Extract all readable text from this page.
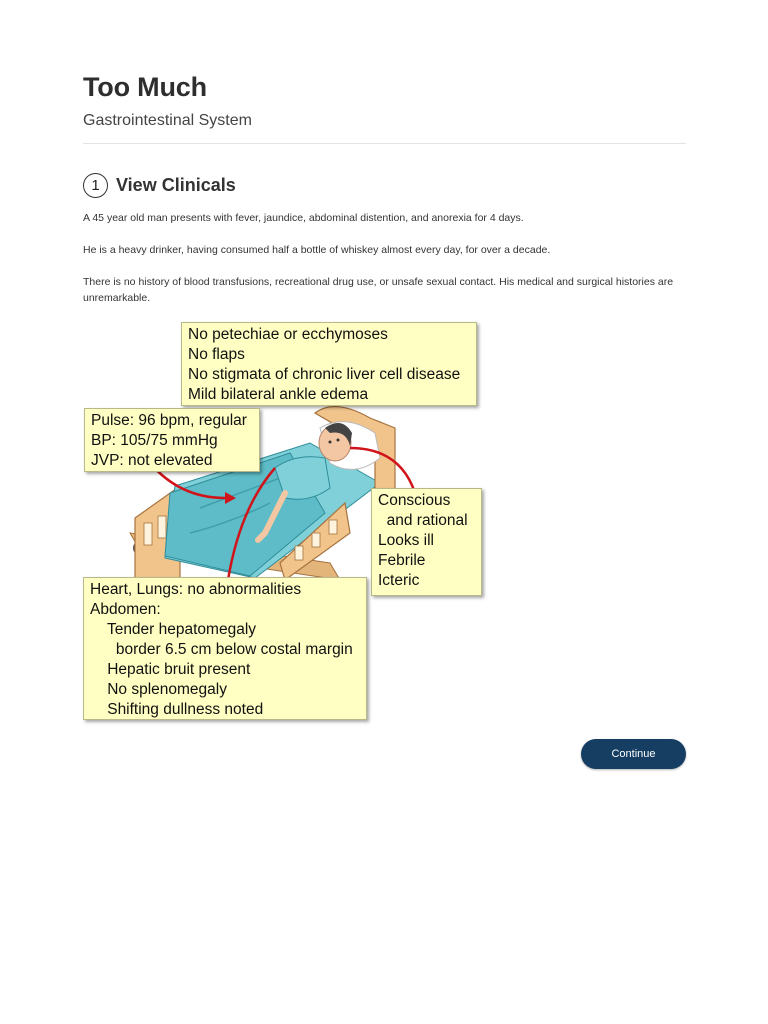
Too Much

Gastrointestinal System

1 View Clinicals

A 45 year old man presents with fever, jaundice, abdominal distention, and anorexia for 4 days.

He is a heavy drinker, having consumed half a bottle of whiskey almost every day, for over a decade.

There is no history of blood transfusions, recreational drug use, or unsafe sexual contact. His medical and surgical histories are unremarkable.

No petechiae or ecchymoses
No flaps
No stigmata of chronic liver cell disease
Mild bilateral ankle edema
Pulse: 96 bpm, regular
BP: 105/75 mmHg
JVP: not elevated
Conscious
and rational
Looks ill
Febrile
Icteric
Heart, Lungs: no abnormalities
Abdomen:
Tender hepatomegaly
border 6.5 cm below costal margin
Hepatic bruit present
No splenomegaly
Shifting dullness noted
Continue
